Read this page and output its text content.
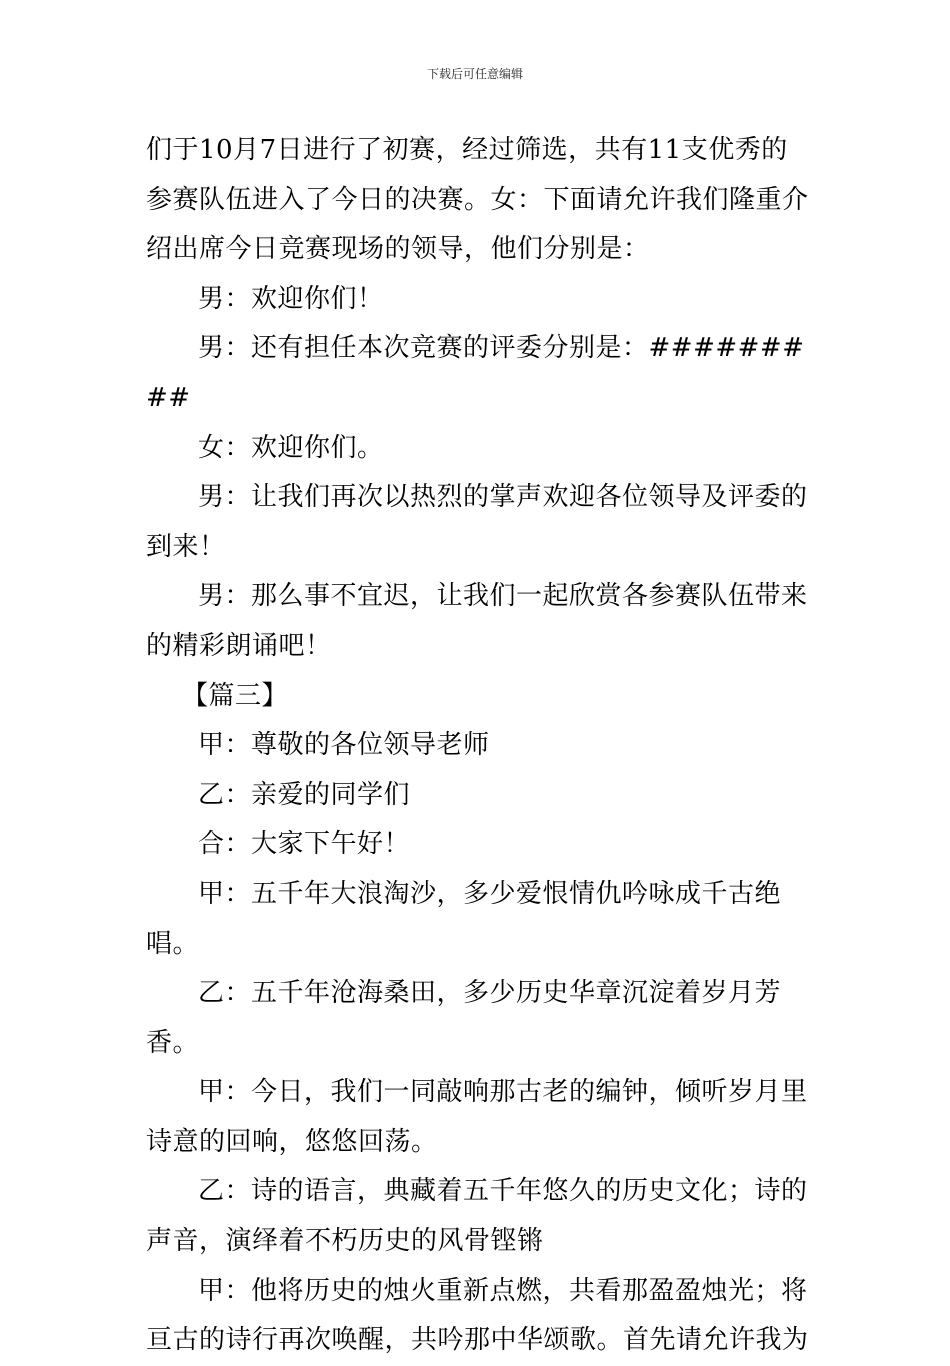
下载后可任意编辑

们于10月7日进行了初赛，经过筛选，共有11支优秀的参赛队伍进入了今日的决赛。女：下面请允许我们隆重介绍出席今日竞赛现场的领导，他们分别是：

男：欢迎你们！

男：还有担任本次竞赛的评委分别是：#########

女：欢迎你们。

男：让我们再次以热烈的掌声欢迎各位领导及评委的到来！

男：那么事不宜迟，让我们一起欣赏各参赛队伍带来的精彩朗诵吧！

【篇三】

甲：尊敬的各位领导老师

乙：亲爱的同学们

合：大家下午好！

甲：五千年大浪淘沙，多少爱恨情仇吟咏成千古绝唱。

乙：五千年沧海桑田，多少历史华章沉淀着岁月芳香。

甲：今日，我们一同敲响那古老的编钟，倾听岁月里诗意的回响，悠悠回荡。

乙：诗的语言，典藏着五千年悠久的历史文化；诗的声音，演绎着不朽历史的风骨铿锵

甲：他将历史的烛火重新点燃，共看那盈盈烛光；将亘古的诗行再次唤醒，共吟那中华颂歌。首先请允许我为
